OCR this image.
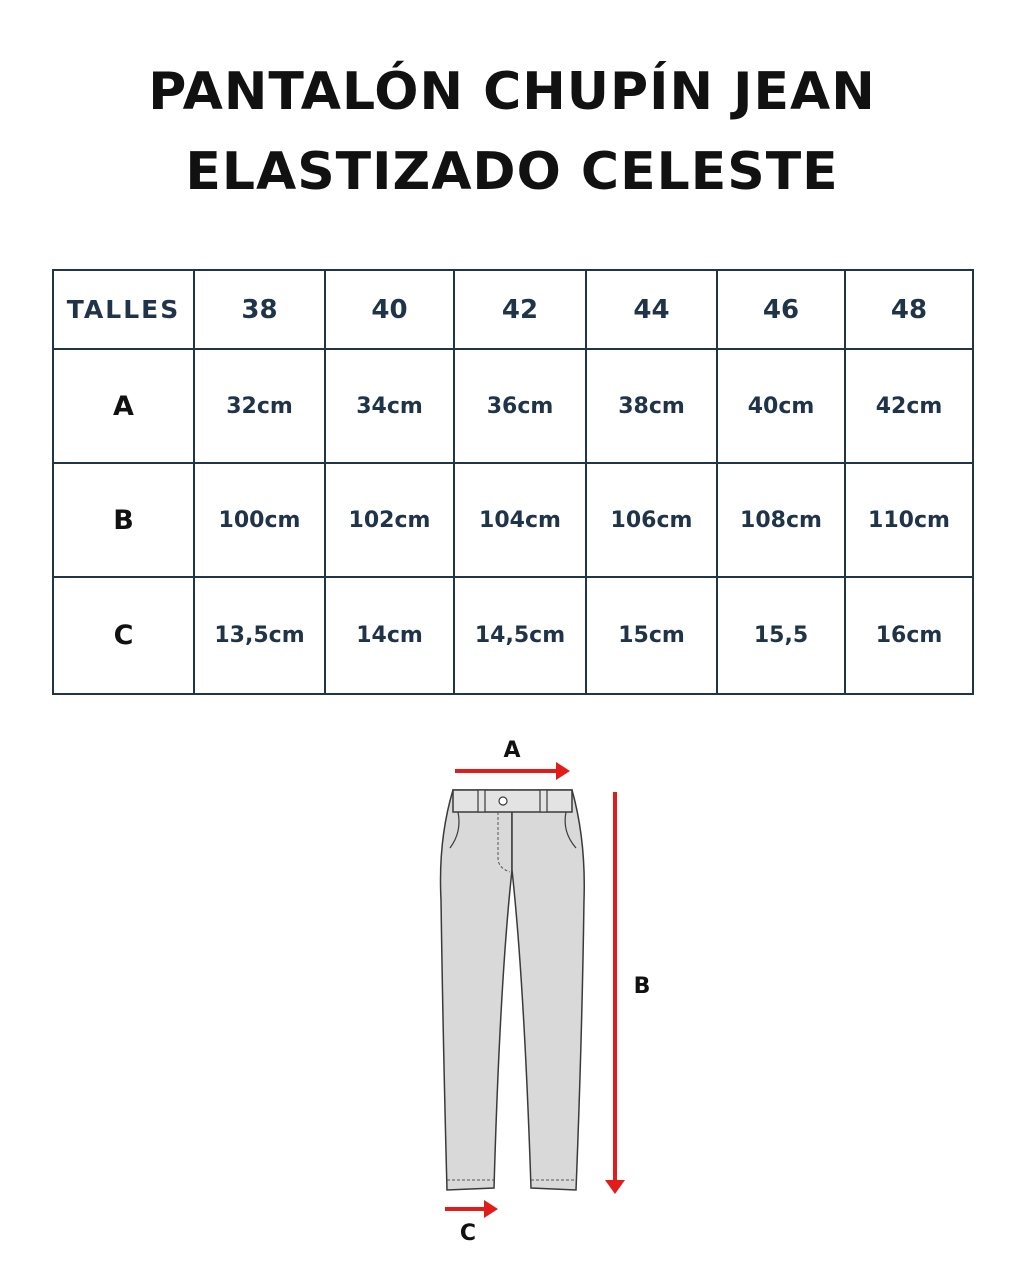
PANTALÓN CHUPÍN JEAN
ELASTIZADO CELESTE
TALLES	38	40	42	44	46	48
A	32cm	34cm	36cm	38cm	40cm	42cm
B	100cm	102cm	104cm	106cm	108cm	110cm
C	13,5cm	14cm	14,5cm	15cm	15,5	16cm
A
B
C
